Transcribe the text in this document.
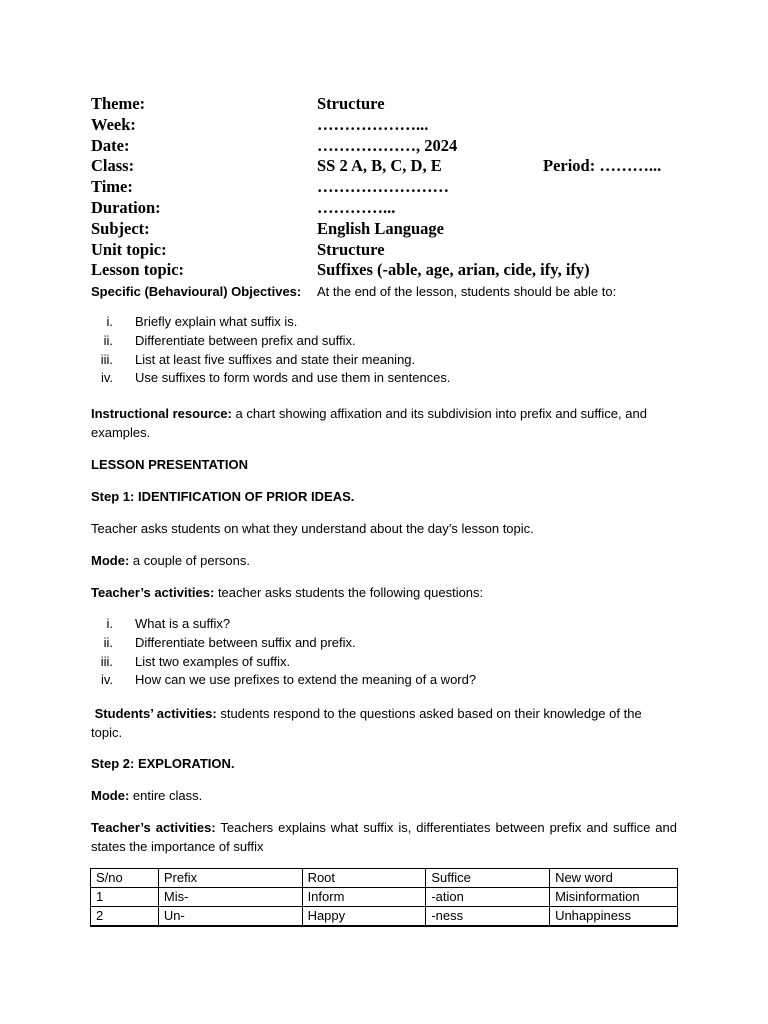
Theme:	Structure
Week:	………………...
Date:	………………, 2024
Class:	SS 2 A, B, C, D, E	Period: ………...
Time:	……………………
Duration:	…………...
Subject:	English Language
Unit topic:	Structure
Lesson topic:	Suffixes (-able, age, arian, cide, ify, ify)
Specific (Behavioural) Objectives: At the end of the lesson, students should be able to:
i. Briefly explain what suffix is.
ii. Differentiate between prefix and suffix.
iii. List at least five suffixes and state their meaning.
iv. Use suffixes to form words and use them in sentences.
Instructional resource: a chart showing affixation and its subdivision into prefix and suffice, and examples.
LESSON PRESENTATION
Step 1: IDENTIFICATION OF PRIOR IDEAS.
Teacher asks students on what they understand about the day’s lesson topic.
Mode: a couple of persons.
Teacher’s activities: teacher asks students the following questions:
i. What is a suffix?
ii. Differentiate between suffix and prefix.
iii. List two examples of suffix.
iv. How can we use prefixes to extend the meaning of a word?
Students’ activities: students respond to the questions asked based on their knowledge of the topic.
Step 2: EXPLORATION.
Mode: entire class.
Teacher’s activities: Teachers explains what suffix is, differentiates between prefix and suffice and states the importance of suffix
S/no	Prefix	Root	Suffice	New word
1	Mis-	Inform	-ation	Misinformation
2	Un-	Happy	-ness	Unhappiness
